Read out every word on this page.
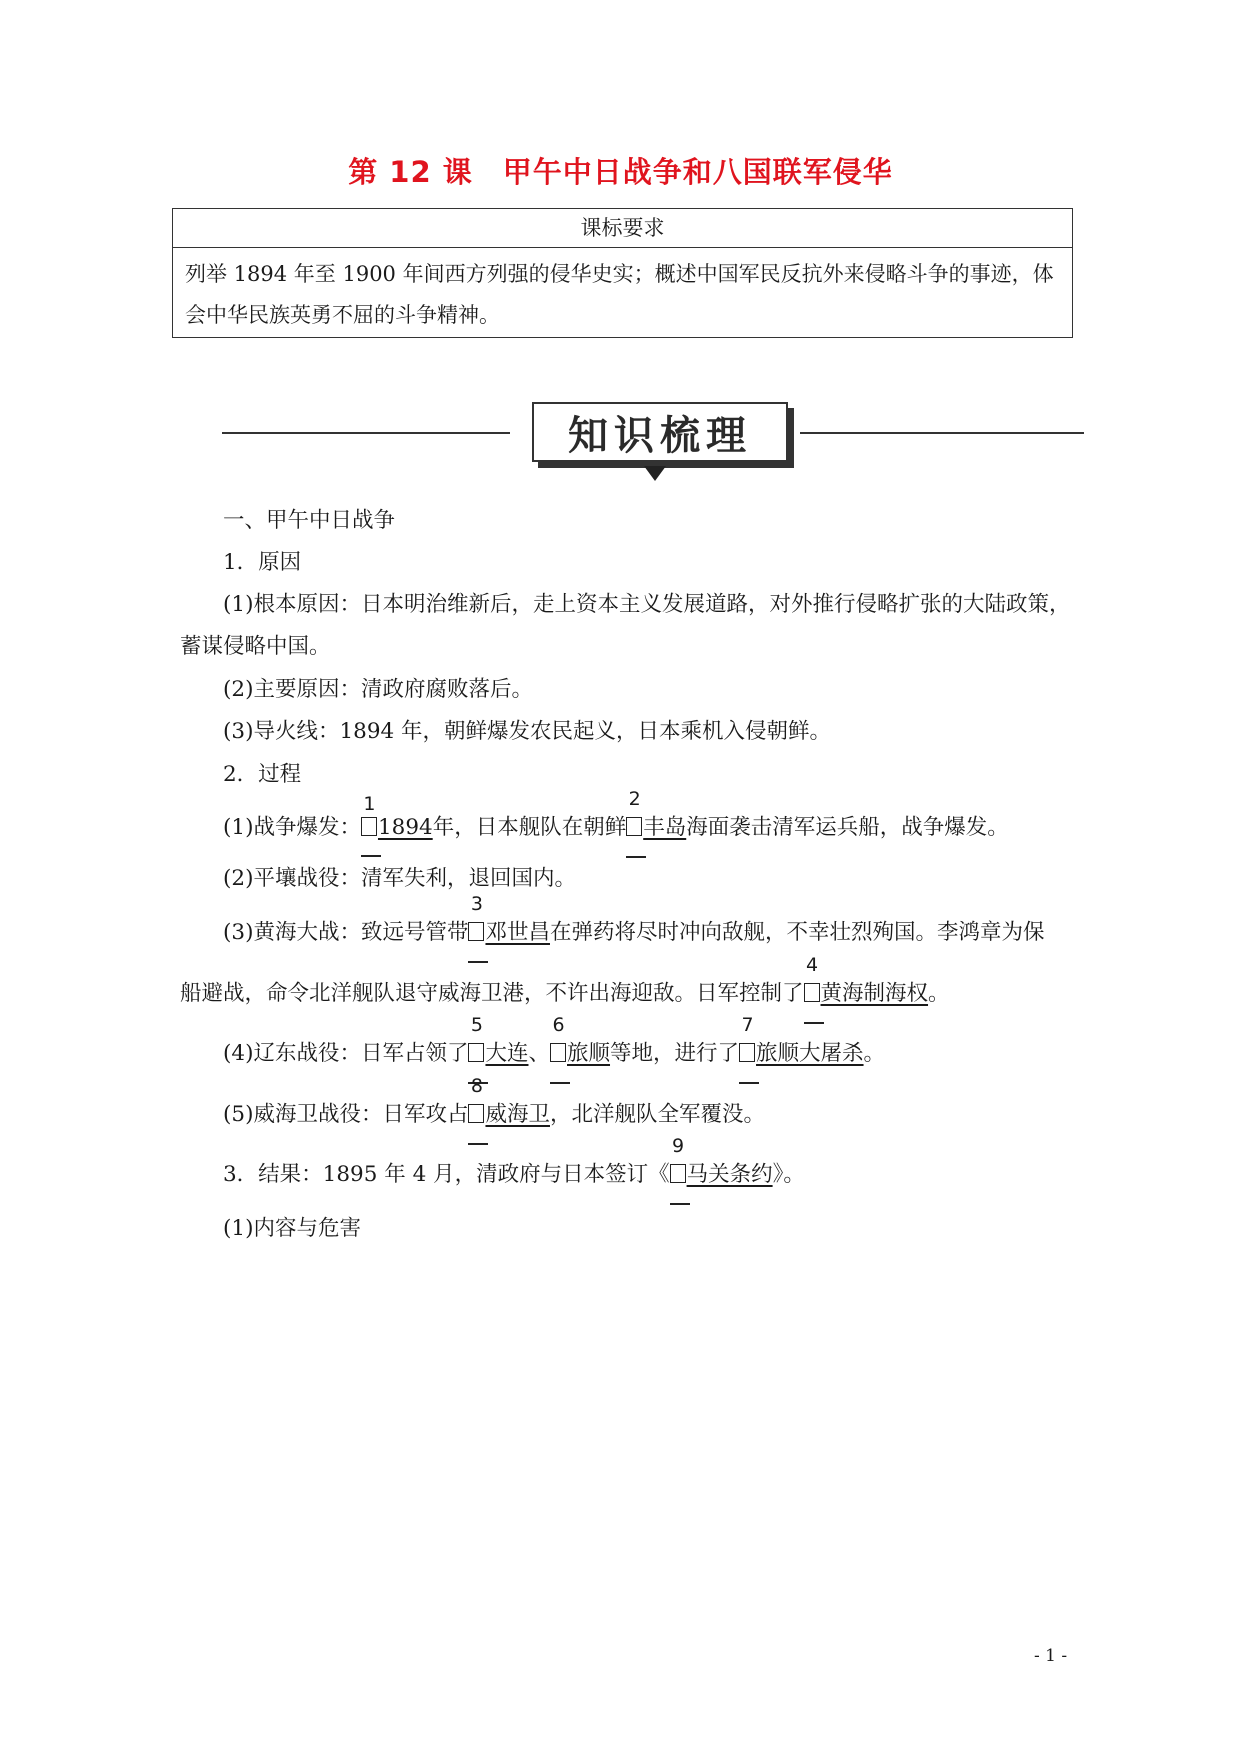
第 12 课 甲午中日战争和八国联军侵华
课标要求
列举 1894 年至 1900 年间西方列强的侵华史实；概述中国军民反抗外来侵略斗争的事迹，体
会中华民族英勇不屈的斗争精神。
知识梳理
一、甲午中日战争
1．原因
(1)根本原因：日本明治维新后，走上资本主义发展道路，对外推行侵略扩张的大陆政策，
蓄谋侵略中国。
(2)主要原因：清政府腐败落后。
(3)导火线：1894 年，朝鲜爆发农民起义，日本乘机入侵朝鲜。
2．过程
(1)战争爆发：
1
1894年，日本舰队在朝鲜
2
丰岛海面袭击清军运兵船，战争爆发。
(2)平壤战役：清军失利，退回国内。
(3)黄海大战：致远号管带
3
邓世昌在弹药将尽时冲向敌舰，不幸壮烈殉国。李鸿章为保
船避战，命令北洋舰队退守威海卫港，不许出海迎敌。日军控制了
4
黄海制海权。
(4)辽东战役：日军占领了
5
大连、
6
旅顺等地，进行了
7
旅顺大屠杀。
(5)威海卫战役：日军攻占
8
威海卫，北洋舰队全军覆没。
3．结果：1895 年 4 月，清政府与日本签订《
9
马关条约》。
(1)内容与危害
- 1 -
